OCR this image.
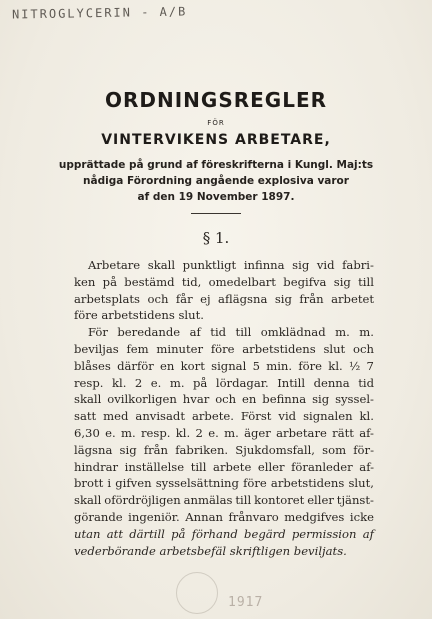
NITROGLYCERIN - A/B
ORDNINGSREGLER
FÖR
VINTERVIKENS ARBETARE,
upprättade på grund af föreskrifterna i Kungl. Maj:ts
nådiga Förordning angående explosiva varor
af den 19 November 1897.
§ 1.
Arbetare skall punktligt infinna sig vid fabri-
ken på bestämd tid, omedelbart begifva sig till
arbetsplats och får ej aflägsna sig från arbetet
före arbetstidens slut.
För beredande af tid till omklädnad m. m.
beviljas fem minuter före arbetstidens slut och
blåses därför en kort signal 5 min. före kl. ½ 7
resp. kl. 2 e. m. på lördagar. Intill denna tid
skall ovilkorligen hvar och en befinna sig syssel-
satt med anvisadt arbete. Först vid signalen kl.
6,30 e. m. resp. kl. 2 e. m. äger arbetare rätt af-
lägsna sig från fabriken. Sjukdomsfall, som för-
hindrar inställelse till arbete eller föranleder af-
brott i gifven sysselsättning före arbetstidens slut,
skall ofördröjligen anmälas till kontoret eller tjänst-
görande ingeniör. Annan frånvaro medgifves icke
utan att därtill på förhand begärd permission af
vederbörande arbetsbefäl skriftligen beviljats.
1917
